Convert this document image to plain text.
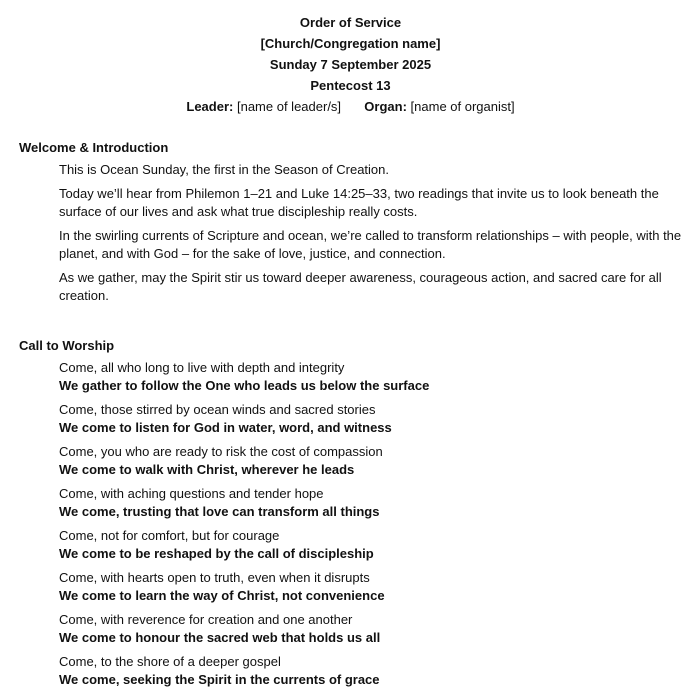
Order of Service
[Church/Congregation name]
Sunday 7 September 2025
Pentecost 13
Leader: [name of leader/s] Organ: [name of organist]
Welcome & Introduction
This is Ocean Sunday, the first in the Season of Creation.
Today we’ll hear from Philemon 1–21 and Luke 14:25–33, two readings that invite us to look beneath the surface of our lives and ask what true discipleship really costs.
In the swirling currents of Scripture and ocean, we’re called to transform relationships – with people, with the planet, and with God – for the sake of love, justice, and connection.
As we gather, may the Spirit stir us toward deeper awareness, courageous action, and sacred care for all creation.
Call to Worship
Come, all who long to live with depth and integrity
We gather to follow the One who leads us below the surface
Come, those stirred by ocean winds and sacred stories
We come to listen for God in water, word, and witness
Come, you who are ready to risk the cost of compassion
We come to walk with Christ, wherever he leads
Come, with aching questions and tender hope
We come, trusting that love can transform all things
Come, not for comfort, but for courage
We come to be reshaped by the call of discipleship
Come, with hearts open to truth, even when it disrupts
We come to learn the way of Christ, not convenience
Come, with reverence for creation and one another
We come to honour the sacred web that holds us all
Come, to the shore of a deeper gospel
We come, seeking the Spirit in the currents of grace
